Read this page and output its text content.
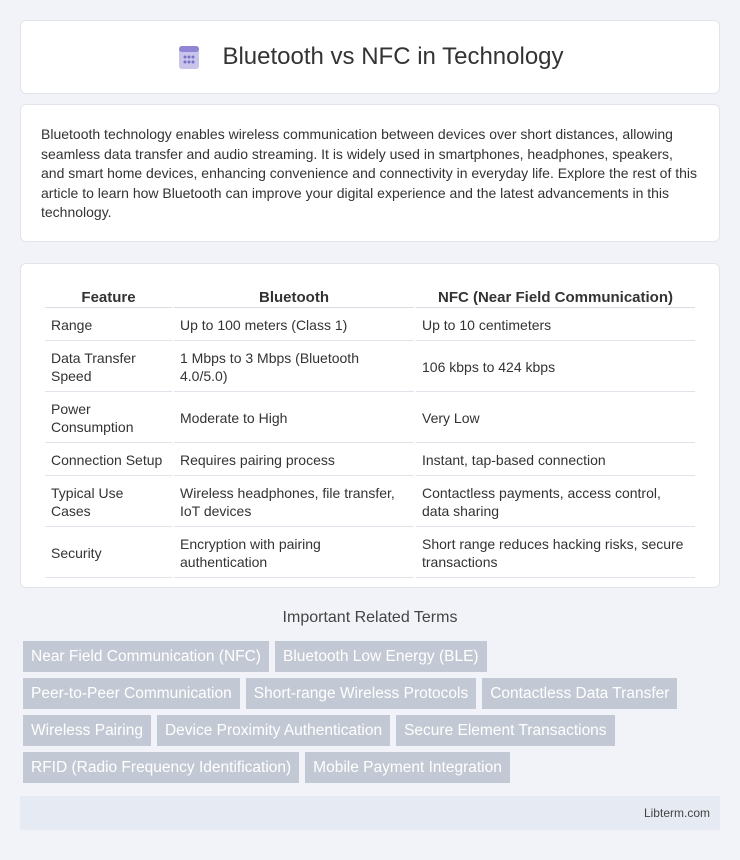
Bluetooth vs NFC in Technology

Bluetooth technology enables wireless communication between devices over short distances, allowing seamless data transfer and audio streaming. It is widely used in smartphones, headphones, speakers, and smart home devices, enhancing convenience and connectivity in everyday life. Explore the rest of this article to learn how Bluetooth can improve your digital experience and the latest advancements in this technology.

Feature	Bluetooth	NFC (Near Field Communication)
Range	Up to 100 meters (Class 1)	Up to 10 centimeters
Data Transfer Speed	1 Mbps to 3 Mbps (Bluetooth 4.0/5.0)	106 kbps to 424 kbps
Power Consumption	Moderate to High	Very Low
Connection Setup	Requires pairing process	Instant, tap-based connection
Typical Use Cases	Wireless headphones, file transfer, IoT devices	Contactless payments, access control, data sharing
Security	Encryption with pairing authentication	Short range reduces hacking risks, secure transactions
Important Related Terms
Near Field Communication (NFC) Bluetooth Low Energy (BLE)
Peer-to-Peer Communication Short-range Wireless Protocols Contactless Data Transfer
Wireless Pairing Device Proximity Authentication Secure Element Transactions
RFID (Radio Frequency Identification) Mobile Payment Integration
Libterm.com
